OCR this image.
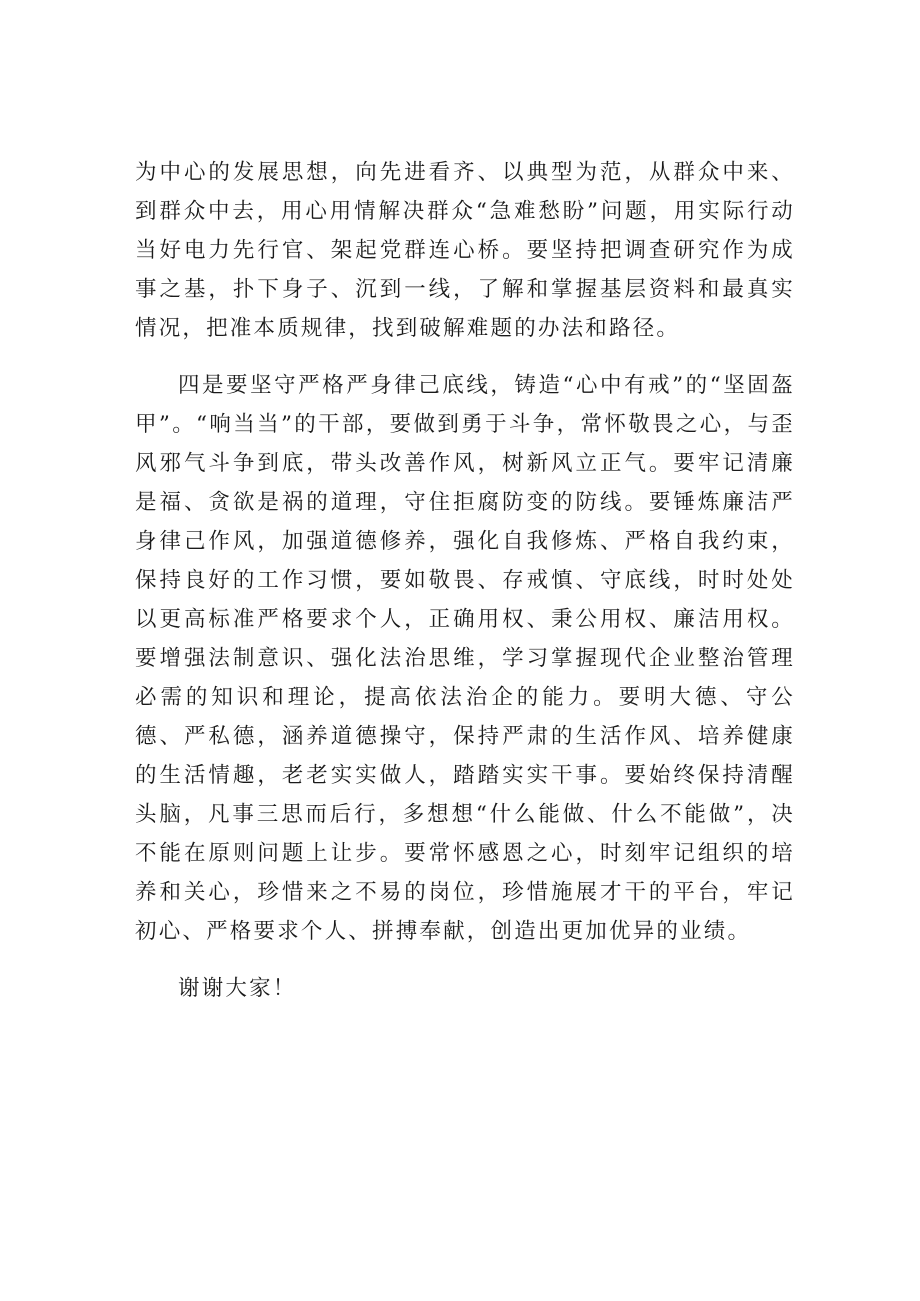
为中心的发展思想，向先进看齐、以典型为范，从群众中来、到群众中去，用心用情解决群众“急难愁盼”问题，用实际行动当好电力先行官、架起党群连心桥。要坚持把调查研究作为成事之基，扑下身子、沉到一线，了解和掌握基层资料和最真实情况，把准本质规律，找到破解难题的办法和路径。

四是要坚守严格严身律己底线，铸造“心中有戒”的“坚固盔甲”。“响当当”的干部，要做到勇于斗争，常怀敬畏之心，与歪风邪气斗争到底，带头改善作风，树新风立正气。要牢记清廉是福、贪欲是祸的道理，守住拒腐防变的防线。要锤炼廉洁严身律己作风，加强道德修养，强化自我修炼、严格自我约束，保持良好的工作习惯，要如敬畏、存戒慎、守底线，时时处处以更高标准严格要求个人，正确用权、秉公用权、廉洁用权。要增强法制意识、强化法治思维，学习掌握现代企业整治管理必需的知识和理论，提高依法治企的能力。要明大德、守公德、严私德，涵养道德操守，保持严肃的生活作风、培养健康的生活情趣，老老实实做人，踏踏实实干事。要始终保持清醒头脑，凡事三思而后行，多想想“什么能做、什么不能做”，决不能在原则问题上让步。要常怀感恩之心，时刻牢记组织的培养和关心，珍惜来之不易的岗位，珍惜施展才干的平台，牢记初心、严格要求个人、拼搏奉献，创造出更加优异的业绩。

谢谢大家！
